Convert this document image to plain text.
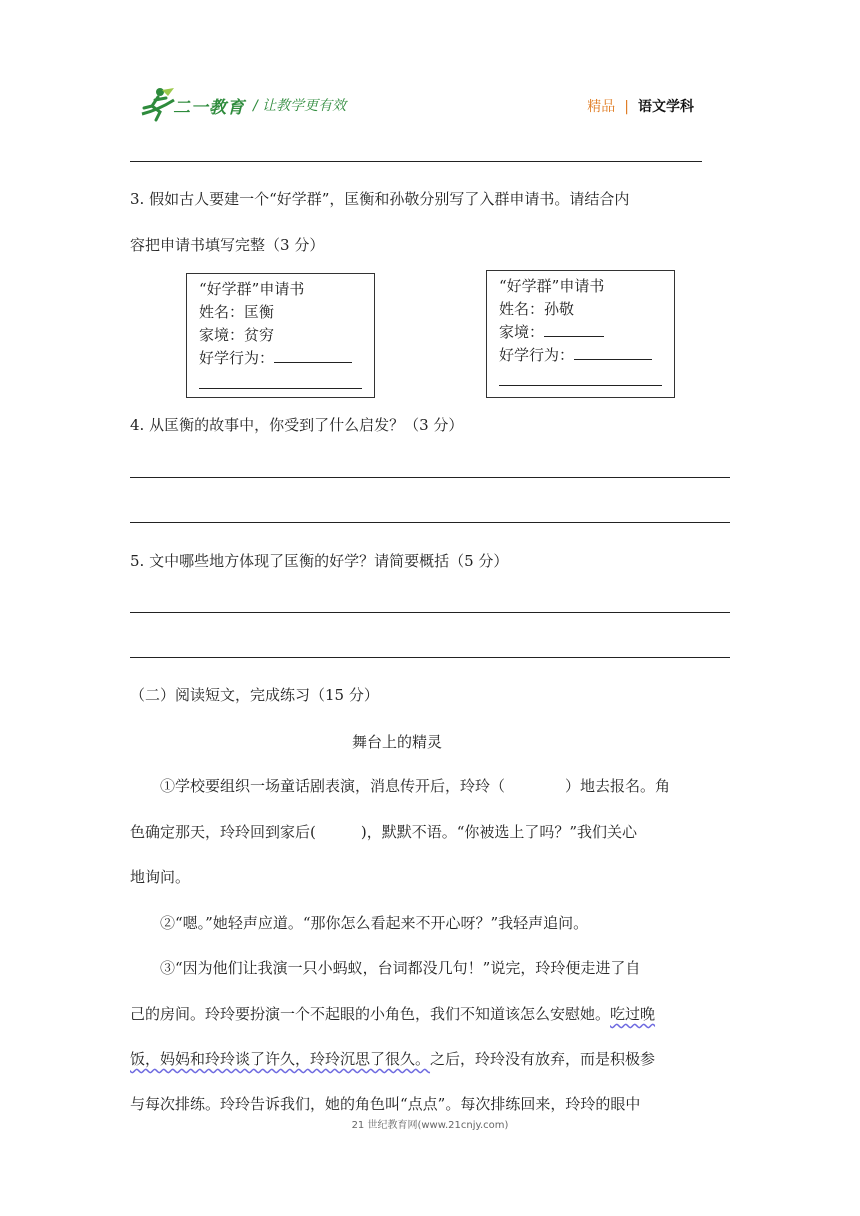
二一教育 / 让教学更有效	精品 | 语文学科
3. 假如古人要建一个“好学群”，匡衡和孙敬分别写了入群申请书。请结合内
容把申请书填写完整（3 分）
“好学群”申请书
姓名：匡衡
家境：贫穷
好学行为：
“好学群”申请书
姓名：孙敬
家境：
好学行为：
4. 从匡衡的故事中，你受到了什么启发？（3 分）
5. 文中哪些地方体现了匡衡的好学？请简要概括（5 分）
（二）阅读短文，完成练习（15 分）
舞台上的精灵
①学校要组织一场童话剧表演，消息传开后，玲玲（　　　　）地去报名。角
色确定那天，玲玲回到家后(　　　)，默默不语。“你被选上了吗？”我们关心
地询问。
②“嗯。”她轻声应道。“那你怎么看起来不开心呀？”我轻声追问。
③“因为他们让我演一只小蚂蚁，台词都没几句！”说完，玲玲便走进了自
己的房间。玲玲要扮演一个不起眼的小角色，我们不知道该怎么安慰她。吃过晚
饭，妈妈和玲玲谈了许久，玲玲沉思了很久。之后，玲玲没有放弃，而是积极参
与每次排练。玲玲告诉我们，她的角色叫“点点”。每次排练回来，玲玲的眼中
21 世纪教育网(www.21cnjy.com)
